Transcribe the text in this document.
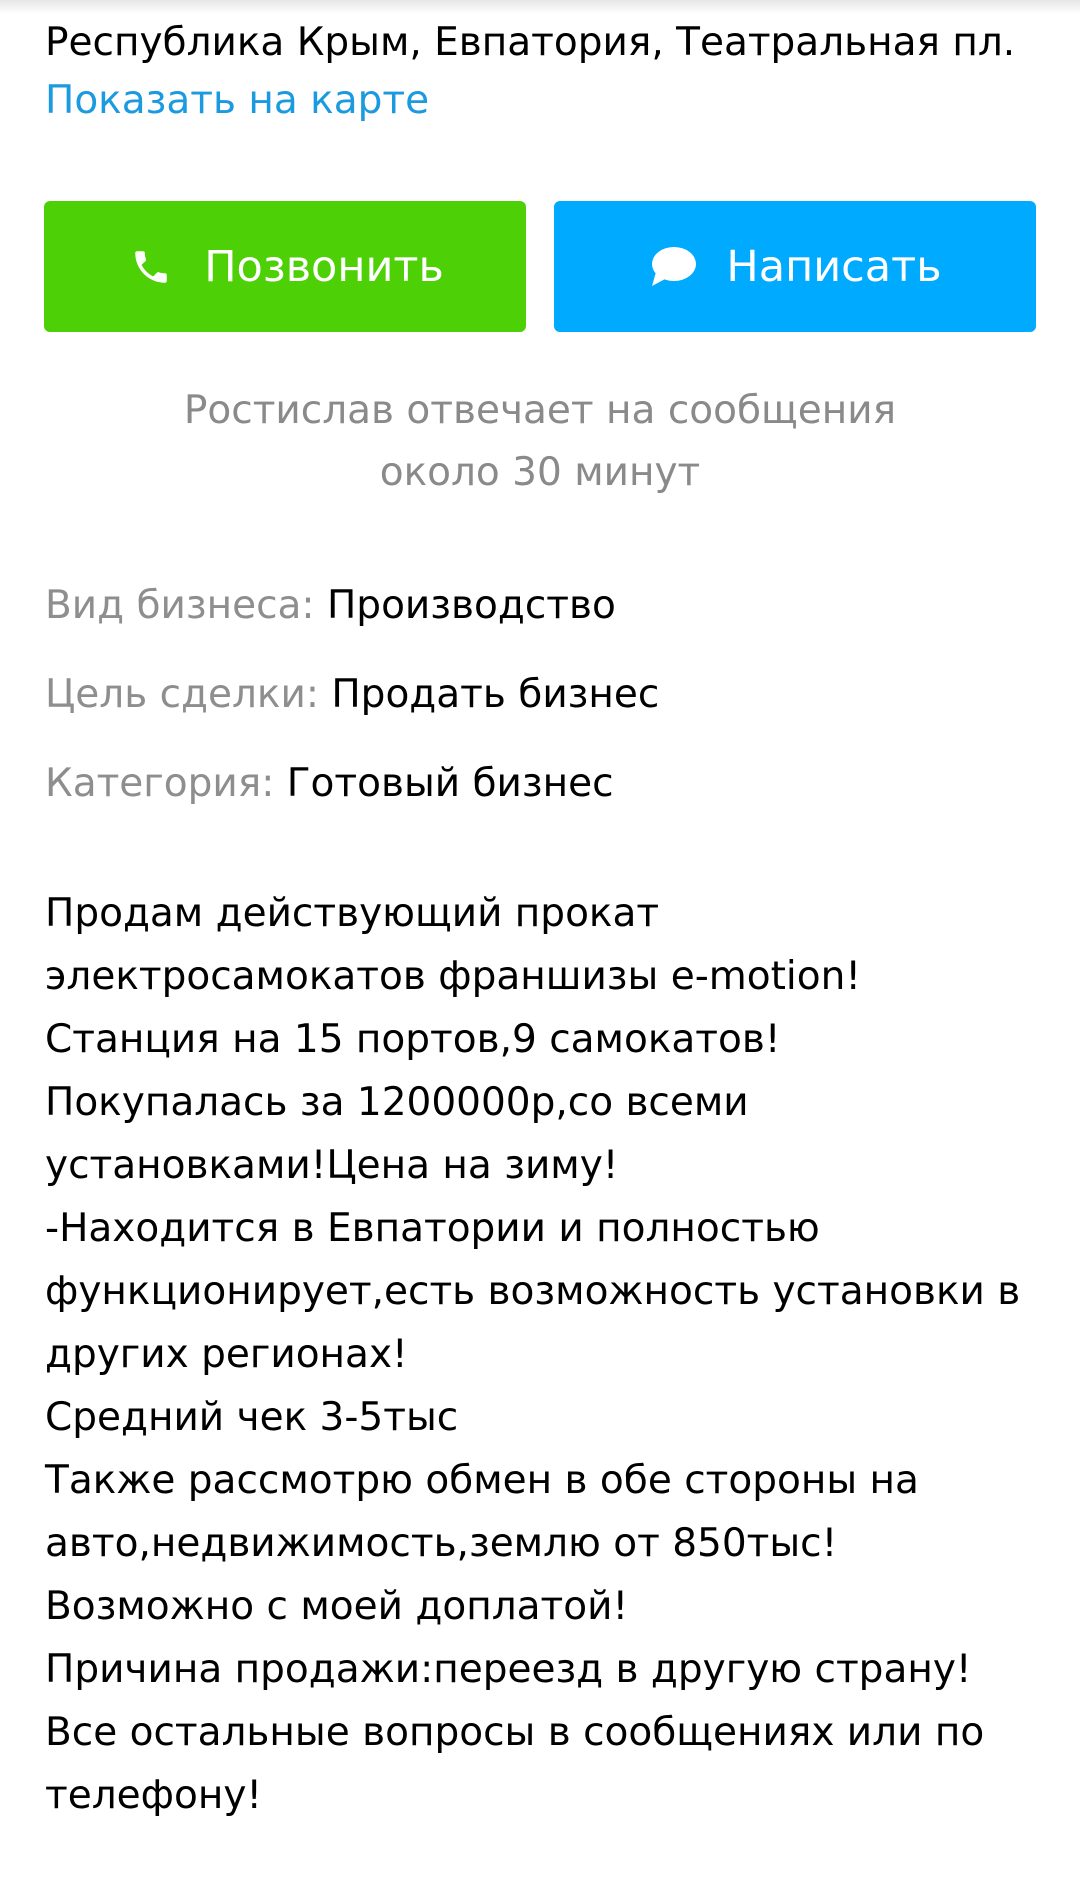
Республика Крым, Евпатория, Театральная пл.
Показать на карте
Позвонить	Написать
Ростислав отвечает на сообщения
около 30 минут
Вид бизнеса: Производство
Цель сделки: Продать бизнес
Категория: Готовый бизнес
Продам действующий прокат
электросамокатов франшизы e-motion!
Станция на 15 портов,9 самокатов!
Покупалась за 1200000р,со всеми
установками!Цена на зиму!
-Находится в Евпатории и полностью
функционирует,есть возможность установки в
других регионах!
Средний чек 3-5тыс
Также рассмотрю обмен в обе стороны на
авто,недвижимость,землю от 850тыс!
Возможно с моей доплатой!
Причина продажи:переезд в другую страну!
Все остальные вопросы в сообщениях или по
телефону!
